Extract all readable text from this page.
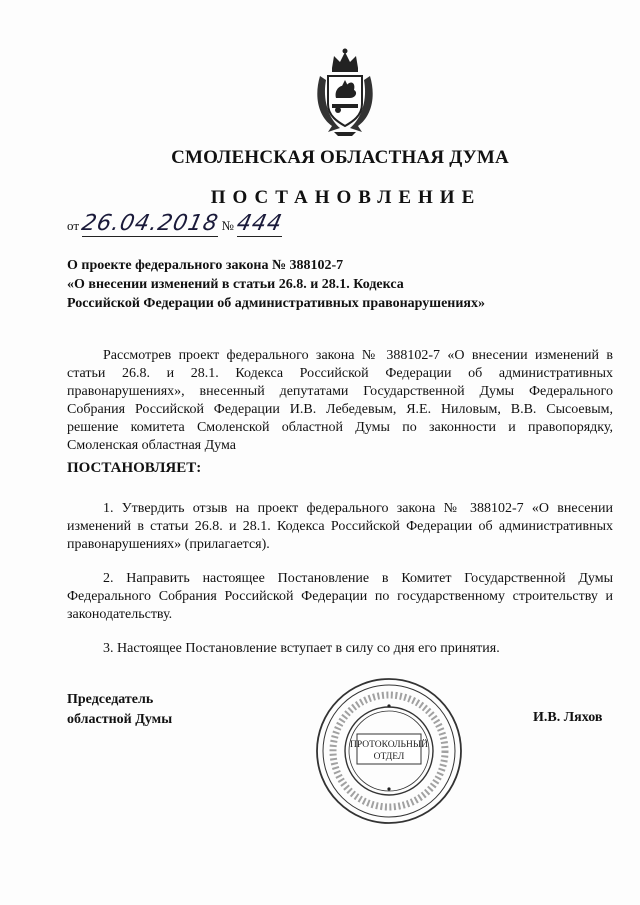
СМОЛЕНСКАЯ ОБЛАСТНАЯ ДУМА
ПОСТАНОВЛЕНИЕ
от 26.04.2018 № 444
О проекте федерального закона № 388102-7
«О внесении изменений в статьи 26.8. и 28.1. Кодекса
Российской Федерации об административных правонарушениях»
Рассмотрев проект федерального закона № 388102-7 «О внесении изменений в статьи 26.8. и 28.1. Кодекса Российской Федерации об административных правонарушениях», внесенный депутатами Государственной Думы Федерального Собрания Российской Федерации И.В. Лебедевым, Я.Е. Ниловым, В.В. Сысоевым, решение комитета Смоленской областной Думы по законности и правопорядку, Смоленская областная Дума
ПОСТАНОВЛЯЕТ:
1. Утвердить отзыв на проект федерального закона № 388102-7 «О внесении изменений в статьи 26.8. и 28.1. Кодекса Российской Федерации об административных правонарушениях» (прилагается).
2. Направить настоящее Постановление в Комитет Государственной Думы Федерального Собрания Российской Федерации по государственному строительству и законодательству.
3. Настоящее Постановление вступает в силу со дня его принятия.
Председатель
областной Думы
ПРОТОКОЛЬНЫЙ
ОТДЕЛ
И.В. Ляхов
